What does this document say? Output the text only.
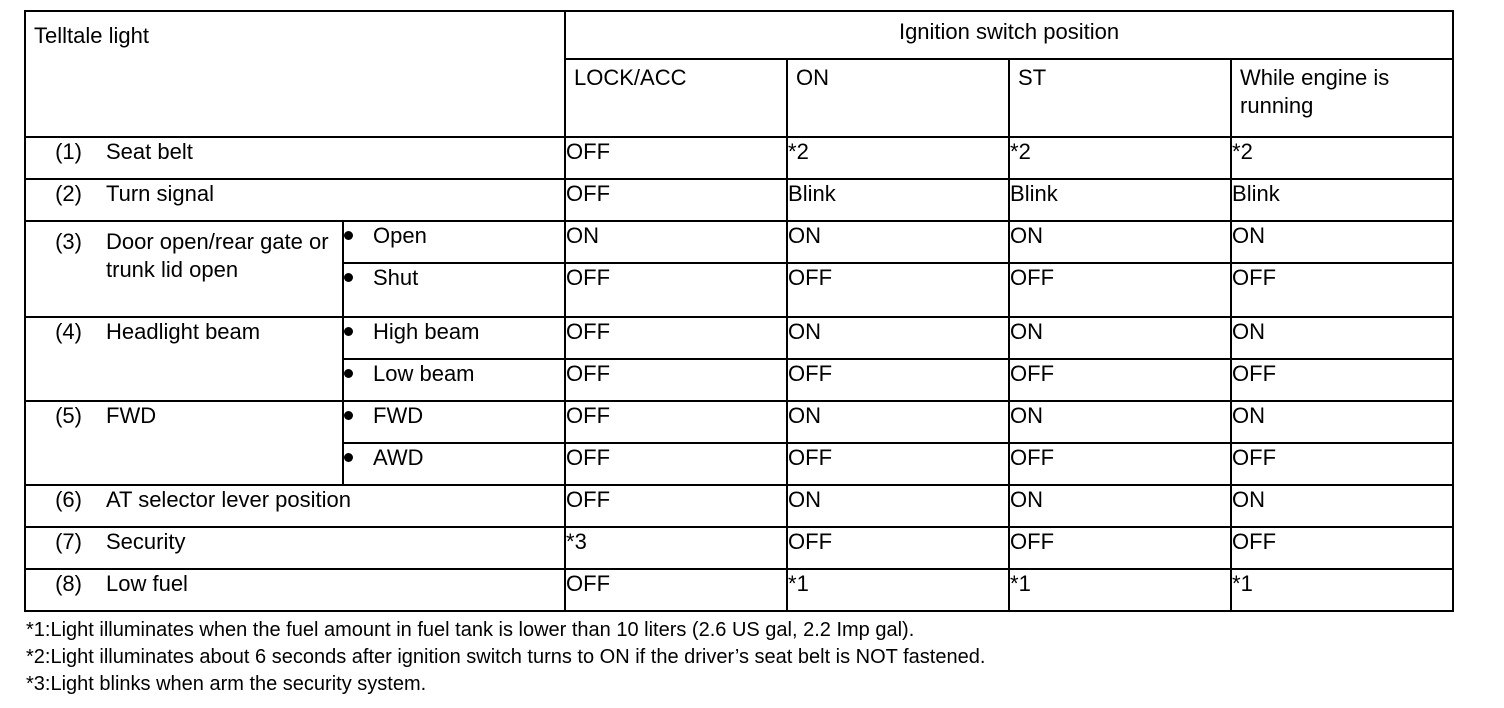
Telltale light		Ignition switch position			
		LOCK/ACC	ON	ST	While engine is running
(1) Seat belt		OFF	*2	*2	*2
(2) Turn signal		OFF	Blink	Blink	Blink

(3) Door open/rear gate or trunk lid open	Open	ON	ON	ON	ON
	Shut	OFF	OFF	OFF	OFF
(4) Headlight beam	High beam	OFF	ON	ON	ON
	Low beam	OFF	OFF	OFF	OFF
(5) FWD	FWD	OFF	ON	ON	ON
	AWD	OFF	OFF	OFF	OFF
(6) AT selector lever position		OFF	ON	ON	ON
(7) Security		*3	OFF	OFF	OFF
(8) Low fuel		OFF	*1	*1	*1
*1:Light illuminates when the fuel amount in fuel tank is lower than 10 liters (2.6 US gal, 2.2 Imp gal).
*2:Light illuminates about 6 seconds after ignition switch turns to ON if the driver’s seat belt is NOT fastened.
*3:Light blinks when arm the security system.
